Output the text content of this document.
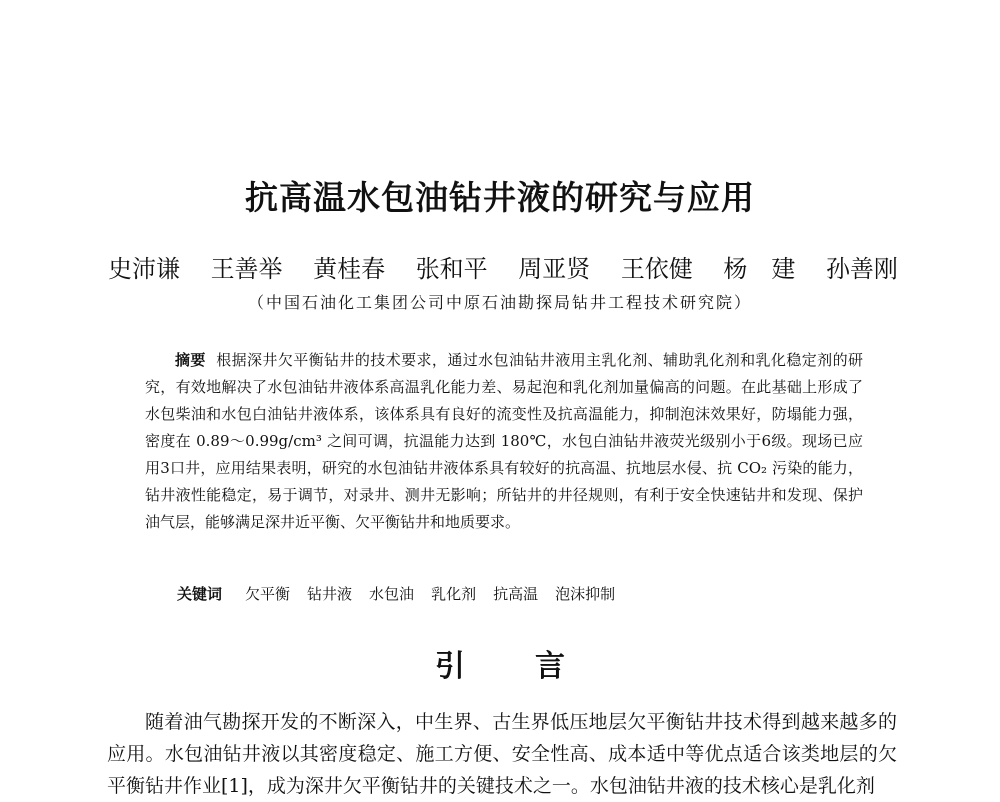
抗高温水包油钻井液的研究与应用
史沛谦 王善举 黄桂春 张和平 周亚贤 王依健 杨　建 孙善刚
（中国石油化工集团公司中原石油勘探局钻井工程技术研究院）

摘要 根据深井欠平衡钻井的技术要求，通过水包油钻井液用主乳化剂、辅助乳化剂和乳化稳定剂的研究，有效地解决了水包油钻井液体系高温乳化能力差、易起泡和乳化剂加量偏高的问题。在此基础上形成了水包柴油和水包白油钻井液体系，该体系具有良好的流变性及抗高温能力，抑制泡沫效果好，防塌能力强，密度在 0.89～0.99g/cm³ 之间可调，抗温能力达到 180℃，水包白油钻井液荧光级别小于6级。现场已应用3口井，应用结果表明，研究的水包油钻井液体系具有较好的抗高温、抗地层水侵、抗 CO₂ 污染的能力，钻井液性能稳定，易于调节，对录井、测井无影响；所钻井的井径规则，有利于安全快速钻井和发现、保护油气层，能够满足深井近平衡、欠平衡钻井和地质要求。

关键词 欠平衡 钻井液 水包油 乳化剂 抗高温 泡沫抑制
引言

随着油气勘探开发的不断深入，中生界、古生界低压地层欠平衡钻井技术得到越来越多的应用。水包油钻井液以其密度稳定、施工方便、安全性高、成本适中等优点适合该类地层的欠平衡钻井作业[1]，成为深井欠平衡钻井的关键技术之一。水包油钻井液的技术核心是乳化剂
